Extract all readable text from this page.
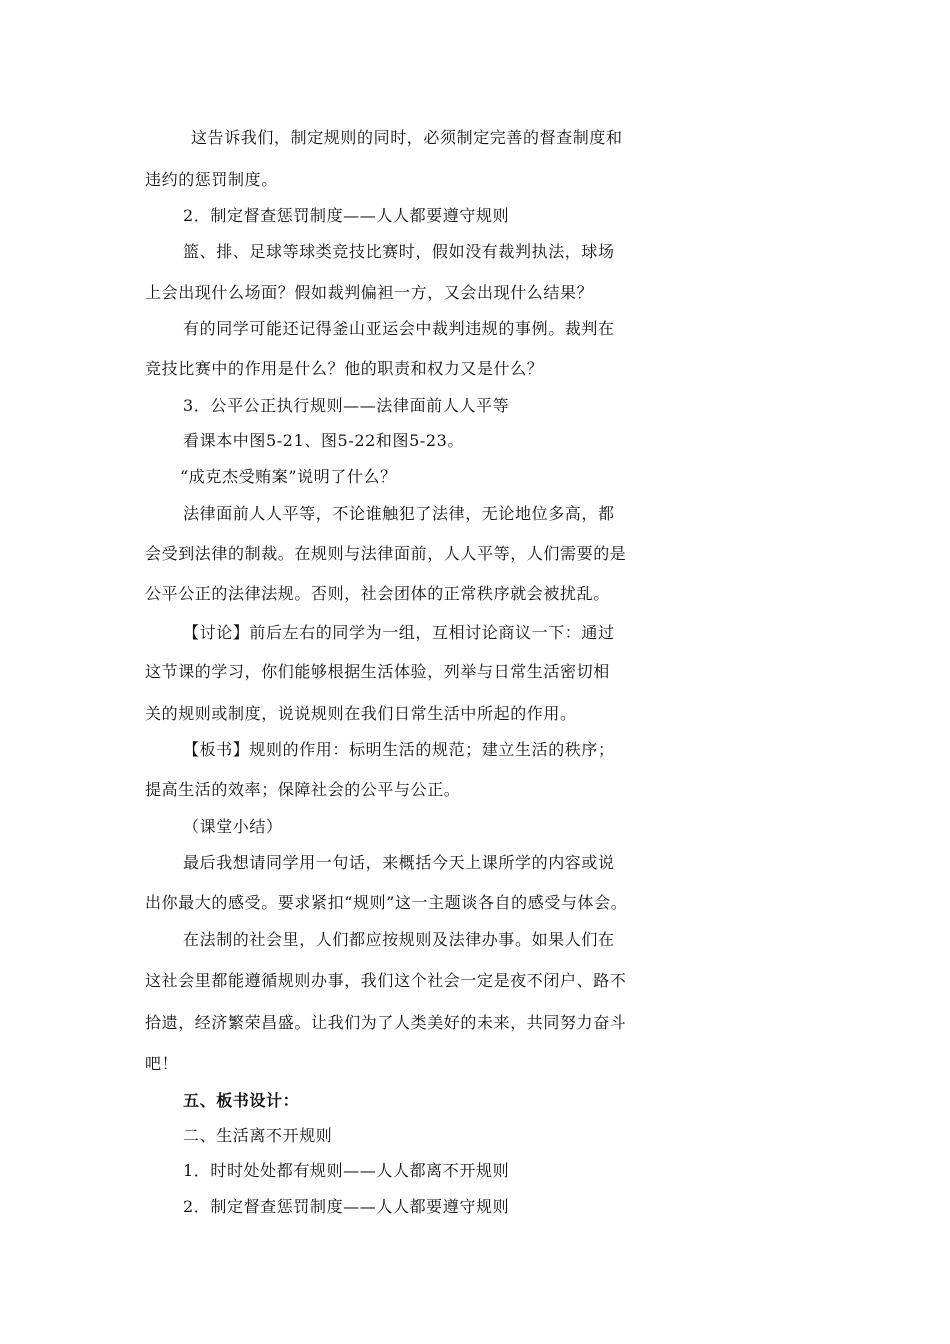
这告诉我们，制定规则的同时，必须制定完善的督查制度和

违约的惩罚制度。

2．制定督查惩罚制度——人人都要遵守规则

篮、排、足球等球类竞技比赛时，假如没有裁判执法，球场

上会出现什么场面？假如裁判偏袒一方，又会出现什么结果？

有的同学可能还记得釜山亚运会中裁判违规的事例。裁判在

竞技比赛中的作用是什么？他的职责和权力又是什么？

3．公平公正执行规则——法律面前人人平等

看课本中图5-21、图5-22和图5-23。

“成克杰受贿案”说明了什么？

法律面前人人平等，不论谁触犯了法律，无论地位多高，都

会受到法律的制裁。在规则与法律面前，人人平等，人们需要的是

公平公正的法律法规。否则，社会团体的正常秩序就会被扰乱。

【讨论】前后左右的同学为一组，互相讨论商议一下：通过

这节课的学习，你们能够根据生活体验，列举与日常生活密切相

关的规则或制度，说说规则在我们日常生活中所起的作用。

【板书】规则的作用：标明生活的规范；建立生活的秩序；

提高生活的效率；保障社会的公平与公正。

（课堂小结）

最后我想请同学用一句话，来概括今天上课所学的内容或说

出你最大的感受。要求紧扣“规则”这一主题谈各自的感受与体会。

在法制的社会里，人们都应按规则及法律办事。如果人们在

这社会里都能遵循规则办事，我们这个社会一定是夜不闭户、路不

拾遗，经济繁荣昌盛。让我们为了人类美好的未来，共同努力奋斗

吧！

五、板书设计：

二、生活离不开规则

1．时时处处都有规则——人人都离不开规则

2．制定督查惩罚制度——人人都要遵守规则
